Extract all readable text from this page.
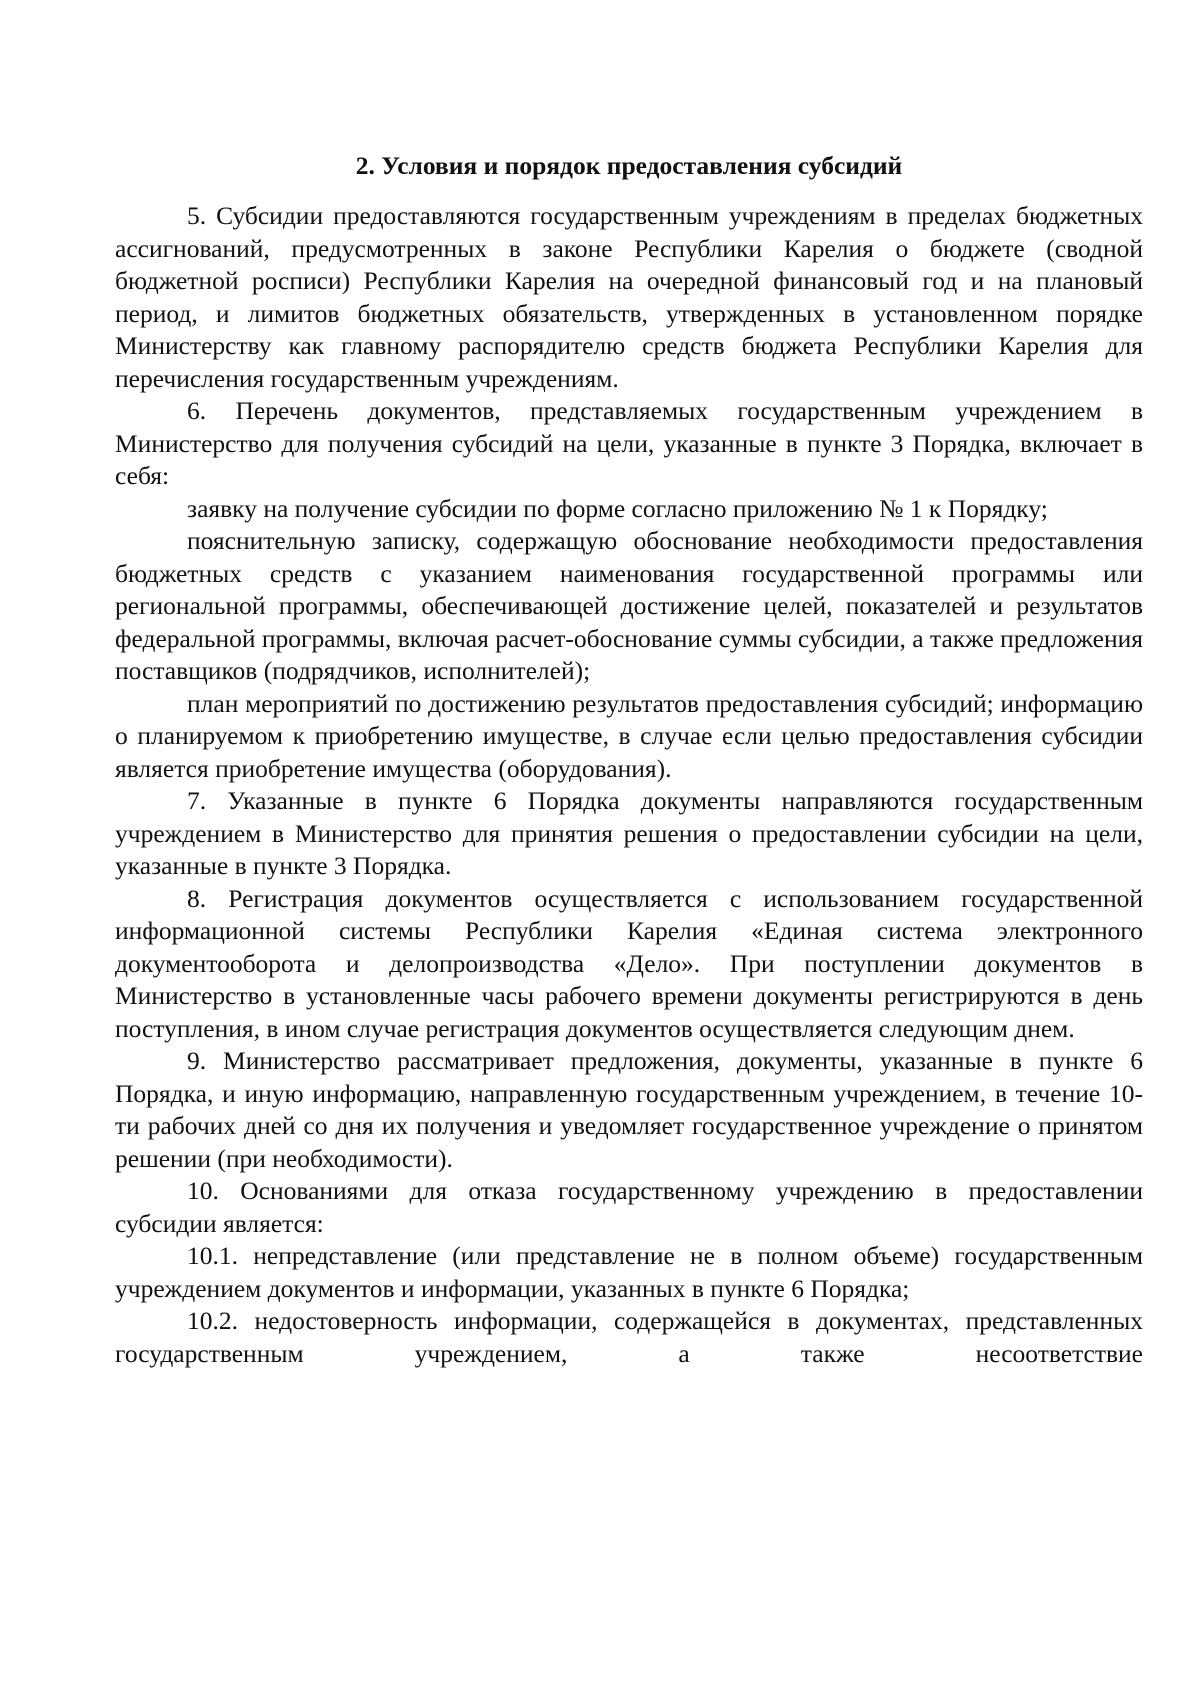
2. Условия и порядок предоставления субсидий

5. Субсидии предоставляются государственным учреждениям в пределах бюджетных ассигнований, предусмотренных в законе Республики Карелия о бюджете (сводной бюджетной росписи) Республики Карелия на очередной финансовый год и на плановый период, и лимитов бюджетных обязательств, утвержденных в установленном порядке Министерству как главному распорядителю средств бюджета Республики Карелия для перечисления государственным учреждениям.

6. Перечень документов, представляемых государственным учреждением в Министерство для получения субсидий на цели, указанные в пункте 3 Порядка, включает в себя:

заявку на получение субсидии по форме согласно приложению № 1 к Порядку;

пояснительную записку, содержащую обоснование необходимости предоставления бюджетных средств с указанием наименования государственной программы или региональной программы, обеспечивающей достижение целей, показателей и результатов федеральной программы, включая расчет-обоснование суммы субсидии, а также предложения поставщиков (подрядчиков, исполнителей);

план мероприятий по достижению результатов предоставления субсидий; информацию о планируемом к приобретению имуществе, в случае если целью предоставления субсидии является приобретение имущества (оборудования).

7. Указанные в пункте 6 Порядка документы направляются государственным учреждением в Министерство для принятия решения о предоставлении субсидии на цели, указанные в пункте 3 Порядка.

8. Регистрация документов осуществляется с использованием государственной информационной системы Республики Карелия «Единая система электронного документооборота и делопроизводства «Дело». При поступлении документов в Министерство в установленные часы рабочего времени документы регистрируются в день поступления, в ином случае регистрация документов осуществляется следующим днем.

9. Министерство рассматривает предложения, документы, указанные в пункте 6 Порядка, и иную информацию, направленную государственным учреждением, в течение 10-ти рабочих дней со дня их получения и уведомляет государственное учреждение о принятом решении (при необходимости).

10. Основаниями для отказа государственному учреждению в предоставлении субсидии является:

10.1. непредставление (или представление не в полном объеме) государственным учреждением документов и информации, указанных в пункте 6 Порядка;

10.2. недостоверность информации, содержащейся в документах, представленных государственным учреждением, а также несоответствие
